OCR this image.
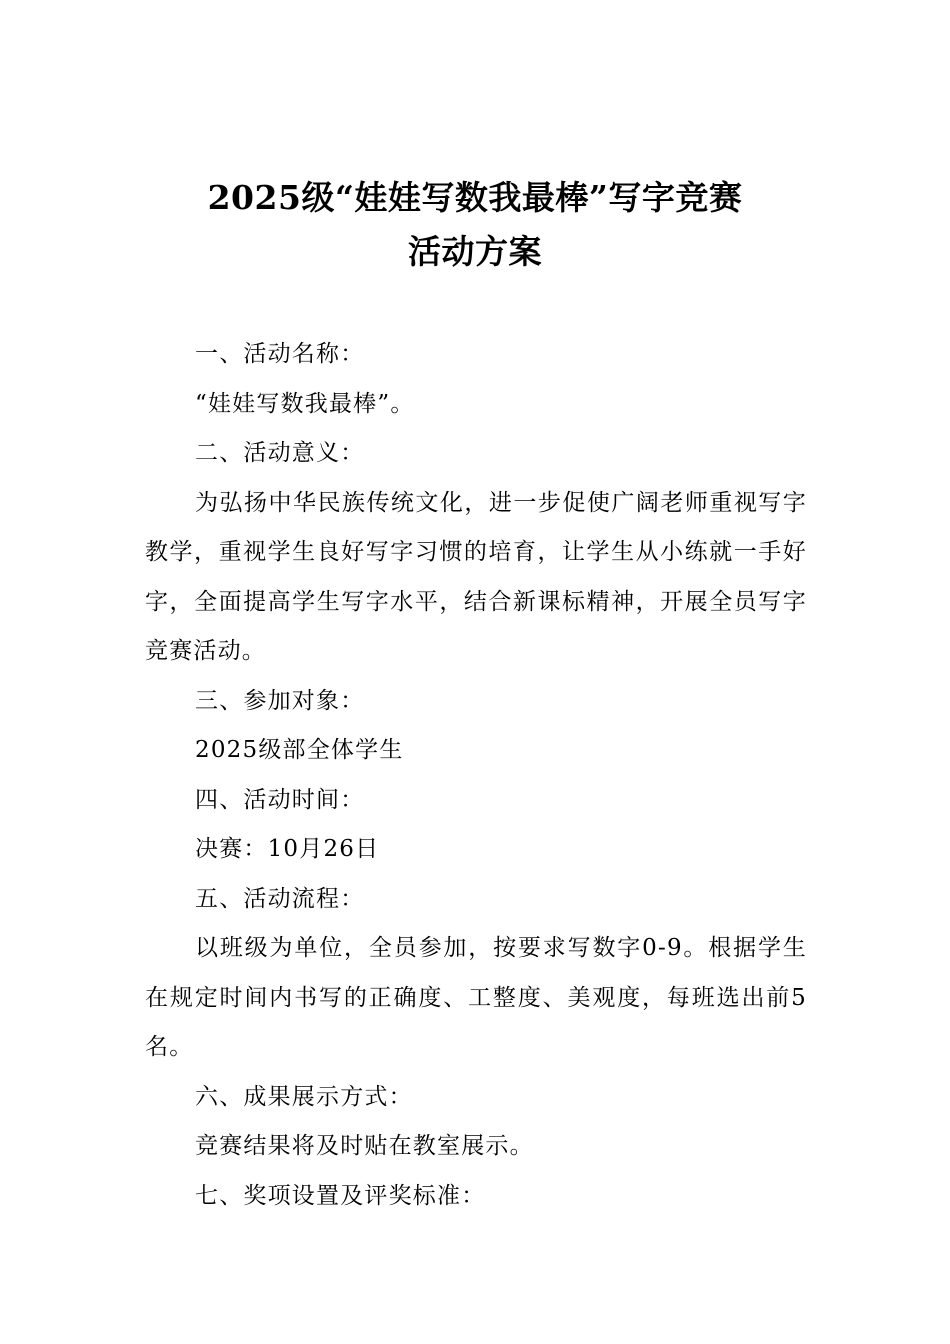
2025级“娃娃写数我最棒”写字竞赛
活动方案

一、活动名称：

“娃娃写数我最棒”。

二、活动意义：

为弘扬中华民族传统文化，进一步促使广阔老师重视写字教学，重视学生良好写字习惯的培育，让学生从小练就一手好字，全面提高学生写字水平，结合新课标精神，开展全员写字竞赛活动。

三、参加对象：

2025级部全体学生

四、活动时间：

决赛：10月26日

五、活动流程：

以班级为单位，全员参加，按要求写数字0-9。根据学生在规定时间内书写的正确度、工整度、美观度，每班选出前5名。

六、成果展示方式：

竞赛结果将及时贴在教室展示。

七、奖项设置及评奖标准：
